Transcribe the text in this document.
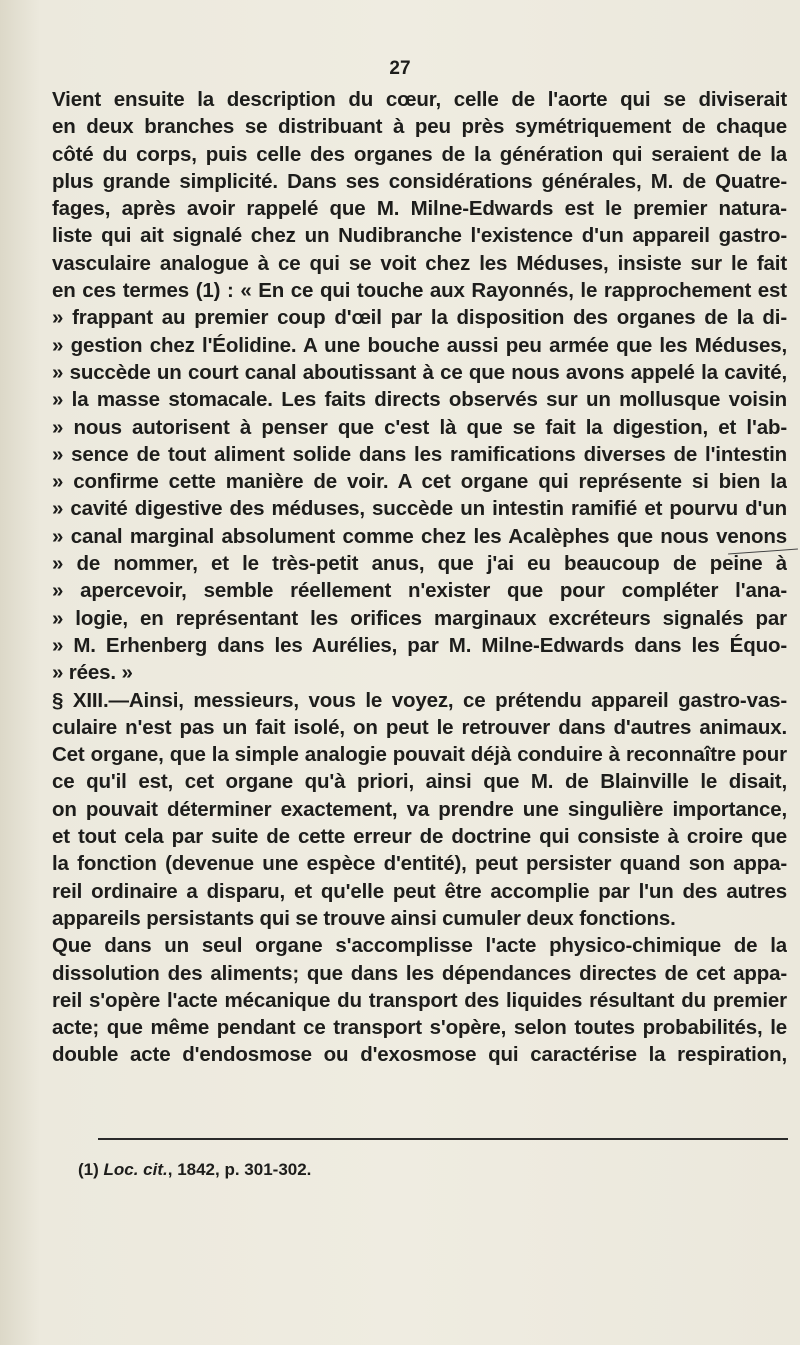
27
Vient ensuite la description du cœur, celle de l'aorte qui se diviserait
en deux branches se distribuant à peu près symétriquement de chaque
côté du corps, puis celle des organes de la génération qui seraient de la
plus grande simplicité. Dans ses considérations générales, M. de Quatre-
fages, après avoir rappelé que M. Milne-Edwards est le premier natura-
liste qui ait signalé chez un Nudibranche l'existence d'un appareil gastro-
vasculaire analogue à ce qui se voit chez les Méduses, insiste sur le fait
en ces termes (1) : « En ce qui touche aux Rayonnés, le rapprochement est
» frappant au premier coup d'œil par la disposition des organes de la di-
» gestion chez l'Éolidine. A une bouche aussi peu armée que les Méduses,
» succède un court canal aboutissant à ce que nous avons appelé la cavité,
» la masse stomacale. Les faits directs observés sur un mollusque voisin
» nous autorisent à penser que c'est là que se fait la digestion, et l'ab-
» sence de tout aliment solide dans les ramifications diverses de l'intestin
» confirme cette manière de voir. A cet organe qui représente si bien la
» cavité digestive des méduses, succède un intestin ramifié et pourvu d'un
» canal marginal absolument comme chez les Acalèphes que nous venons
» de nommer, et le très-petit anus, que j'ai eu beaucoup de peine à
» apercevoir, semble réellement n'exister que pour compléter l'ana-
» logie, en représentant les orifices marginaux excréteurs signalés par
» M. Erhenberg dans les Aurélies, par M. Milne-Edwards dans les Équo-
» rées. »
§ XIII.—Ainsi, messieurs, vous le voyez, ce prétendu appareil gastro-vas-
culaire n'est pas un fait isolé, on peut le retrouver dans d'autres animaux.
Cet organe, que la simple analogie pouvait déjà conduire à reconnaître pour
ce qu'il est, cet organe qu'à priori, ainsi que M. de Blainville le disait,
on pouvait déterminer exactement, va prendre une singulière importance,
et tout cela par suite de cette erreur de doctrine qui consiste à croire que
la fonction (devenue une espèce d'entité), peut persister quand son appa-
reil ordinaire a disparu, et qu'elle peut être accomplie par l'un des autres
appareils persistants qui se trouve ainsi cumuler deux fonctions.
Que dans un seul organe s'accomplisse l'acte physico-chimique de la
dissolution des aliments; que dans les dépendances directes de cet appa-
reil s'opère l'acte mécanique du transport des liquides résultant du premier
acte; que même pendant ce transport s'opère, selon toutes probabilités, le
double acte d'endosmose ou d'exosmose qui caractérise la respiration,
(1) Loc. cit., 1842, p. 301-302.
